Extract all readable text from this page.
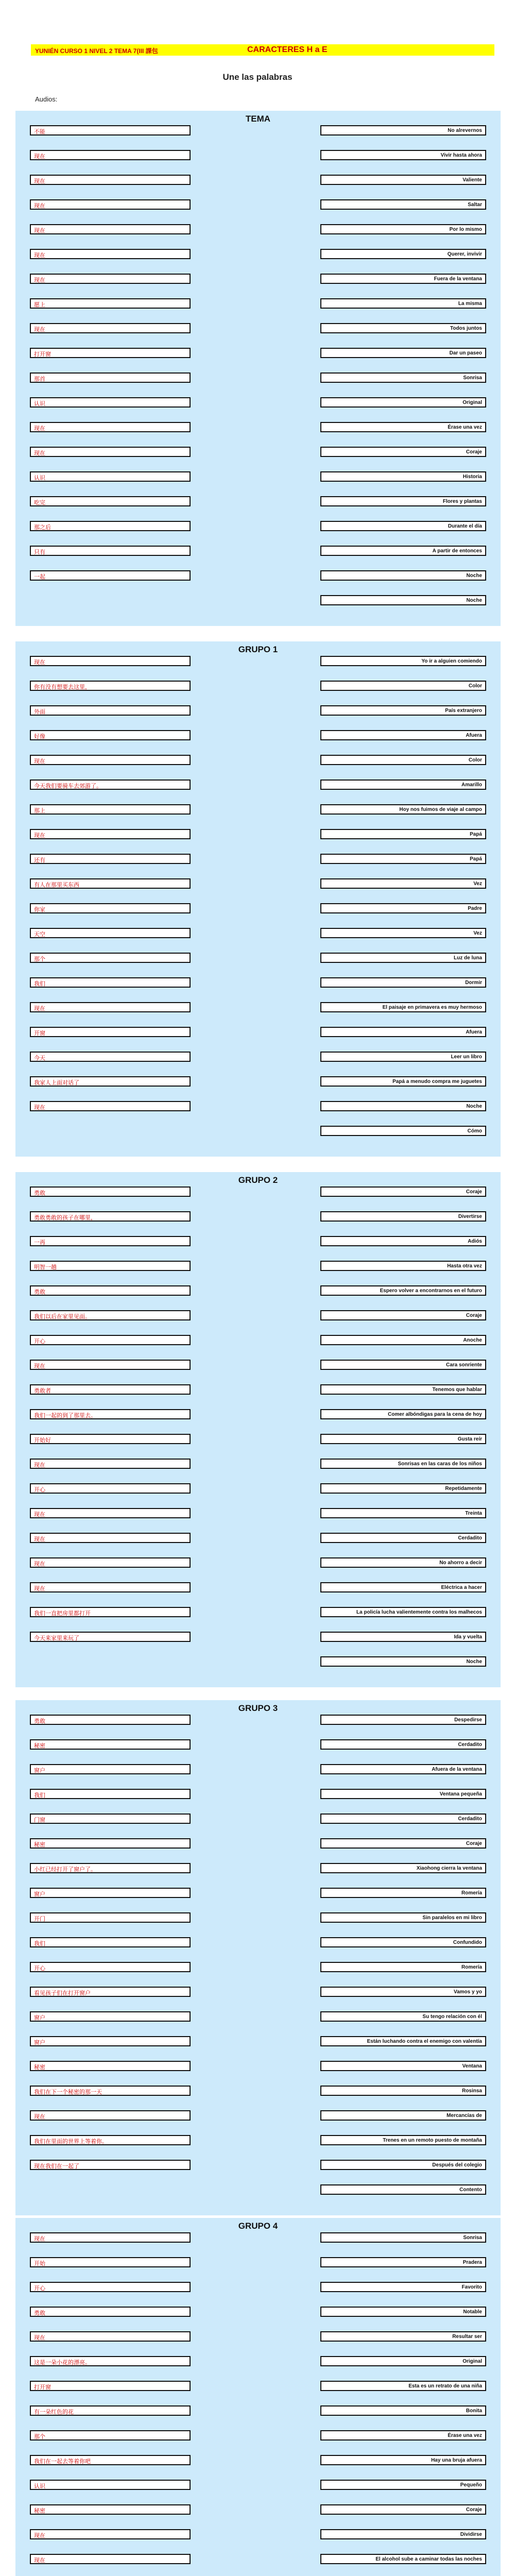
YUNIÉN CURSO 1 NIVEL 2 TEMA 7(III 課包	CARACTERES H a E
Une las palabras
Audios:
TEMA
不能	No alrevernos
现在	Vivir hasta ahora
现在	Valiente
现在	Saltar
现在	Por lo mismo
现在	Querer, invivir
现在	Fuera de la ventana
愿上	La misma
现在	Todos juntos
打开窗	Dar un paseo
那首	Sonrisa
认识	Original
现在	Érase una vez
现在	Coraje
认识	Historia
吃完	Flores y plantas
那之后	Durante el día
只有	A partir de entonces
一起	Noche
Noche
GRUPO 1
现在	Yo ir a alguien comiendo
你有没有想要去这里，	Color
外面	País extranjero
好像	Afuera
现在	Color
今天我们要骑车去郊游了。	Amarillo
那上	Hoy nos fuimos de viaje al campo
现在	Papá
还有	Papá
有人在那里买东西	Vez
你家	Padre
天空	Vez
那个	Luz de luna
我们	Dormir
现在	El paisaje en primavera es muy hermoso
开窗	Afuera
今天	Leer un libro
我家人上面对话了	Papá a menudo compra me juguetes
现在	Noche
Cómo
GRUPO 2
勇敢	Coraje
勇敢勇敢的孩子在哪里，	Divertirse
一再	Adiós
明智一趟	Hasta otra vez
勇敢	Espero volver a encontrarnos en el futuro
我们以后在家里见面。	Coraje
开心	Anoche
现在	Cara sonriente
勇敢者	Tenemos que hablar
我们一起的到了那里去。	Comer albóndigas para la cena de hoy
开始好	Gusta reír
现在	Sonrisas en las caras de los niños
开心	Repetidamente
现在	Treinta
现在	Cerdadito
现在	No ahorro a decir
现在	Eléctrica a hacer
我们一直把房里都打开	La policía lucha valientemente contra los malhecos
今天来家里来玩了	Ida y vuelta
Noche
GRUPO 3
勇敢	Despedirse
秘密	Cerdadito
窗户	Afuera de la ventana
我们	Ventana pequeña
门窗	Cerdadito
秘密	Coraje
小红已经打开了窗户了。	Xiaohong cierra la ventana
窗户	Romería
开门	Sin paralelos en mi libro
我们	Confundido
开心	Romería
看见孩子们在打开窗户	Vamos y yo
窗户	Su tengo relación con él
窗户	Están luchando contra el enemigo con valentía
秘密	Ventana
我们在下一个秘密的那一天	Rosinsa
现在	Mercancías de
我们在里面的世界上等着你。	Trenes en un remoto puesto de montaña
现在我们在一起了	Después del colegio
Contento
GRUPO 4
现在	Sonrisa
开始	Pradera
开心	Favorito
勇敢	Notable
现在	Resultar ser
这是一朵小花的漂亮。	Original
打开窗	Esta es un retrato de una niña
有一朵红色的花	Bonita
那个	Érase una vez
我们在一起去等着你吧	Hay una bruja afuera
认识	Pequeño
秘密	Coraje
现在	Dividirse
现在	El alcohol sube a caminar todas las noches
